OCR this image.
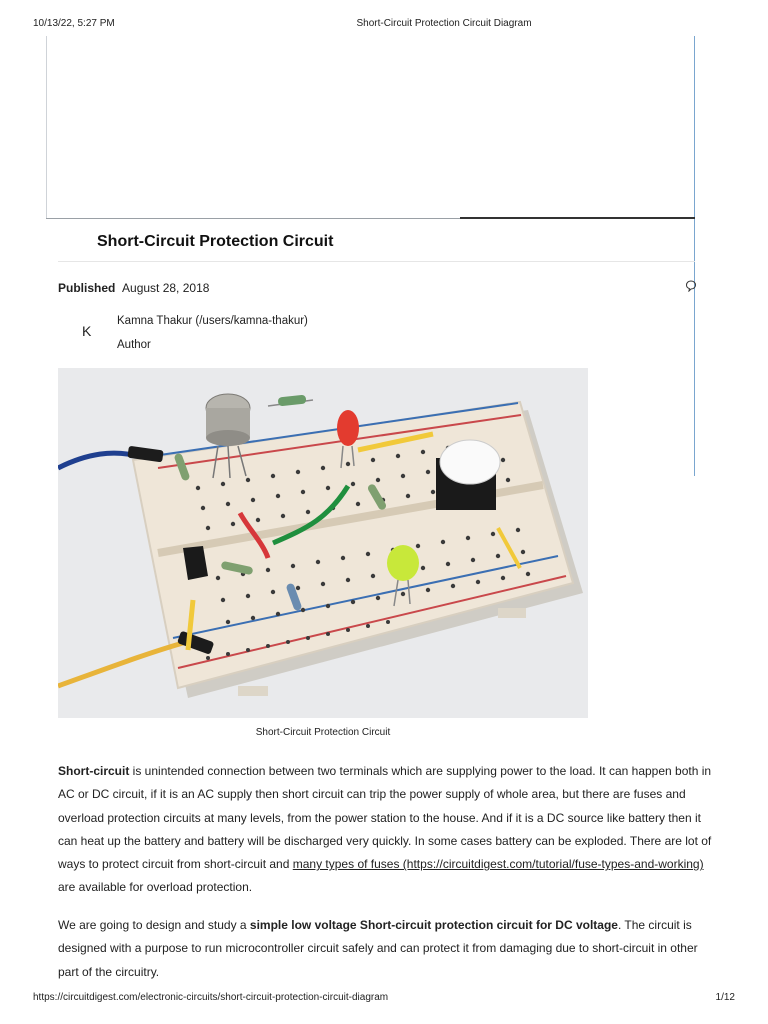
10/13/22, 5:27 PM	Short-Circuit Protection Circuit Diagram
Short-Circuit Protection Circuit
Published August 28, 2018
K
Kamna Thakur (/users/kamna-thakur)
Author
Short-Circuit Protection Circuit

Short-circuit is unintended connection between two terminals which are supplying power to the load. It can happen both in AC or DC circuit, if it is an AC supply then short circuit can trip the power supply of whole area, but there are fuses and overload protection circuits at many levels, from the power station to the house. And if it is a DC source like battery then it can heat up the battery and battery will be discharged very quickly. In some cases battery can be exploded. There are lot of ways to protect circuit from short-circuit and many types of fuses (https://circuitdigest.com/tutorial/fuse-types-and-working) are available for overload protection.

We are going to design and study a simple low voltage Short-circuit protection circuit for DC voltage. The circuit is designed with a purpose to run microcontroller circuit safely and can protect it from damaging due to short-circuit in other part of the circuitry.

https://circuitdigest.com/electronic-circuits/short-circuit-protection-circuit-diagram	1/12
